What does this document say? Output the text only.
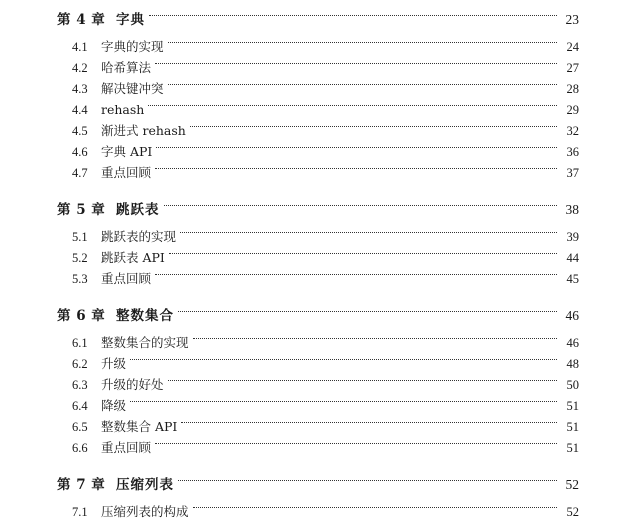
第 4 章 字典	23
4.1	字典的实现	24
4.2	哈希算法	27
4.3	解决键冲突	28
4.4	rehash	29
4.5	渐进式 rehash	32
4.6	字典 API	36
4.7	重点回顾	37
第 5 章 跳跃表	38
5.1	跳跃表的实现	39
5.2	跳跃表 API	44
5.3	重点回顾	45
第 6 章 整数集合	46
6.1	整数集合的实现	46
6.2	升级	48
6.3	升级的好处	50
6.4	降级	51
6.5	整数集合 API	51
6.6	重点回顾	51
第 7 章 压缩列表	52
7.1	压缩列表的构成	52
